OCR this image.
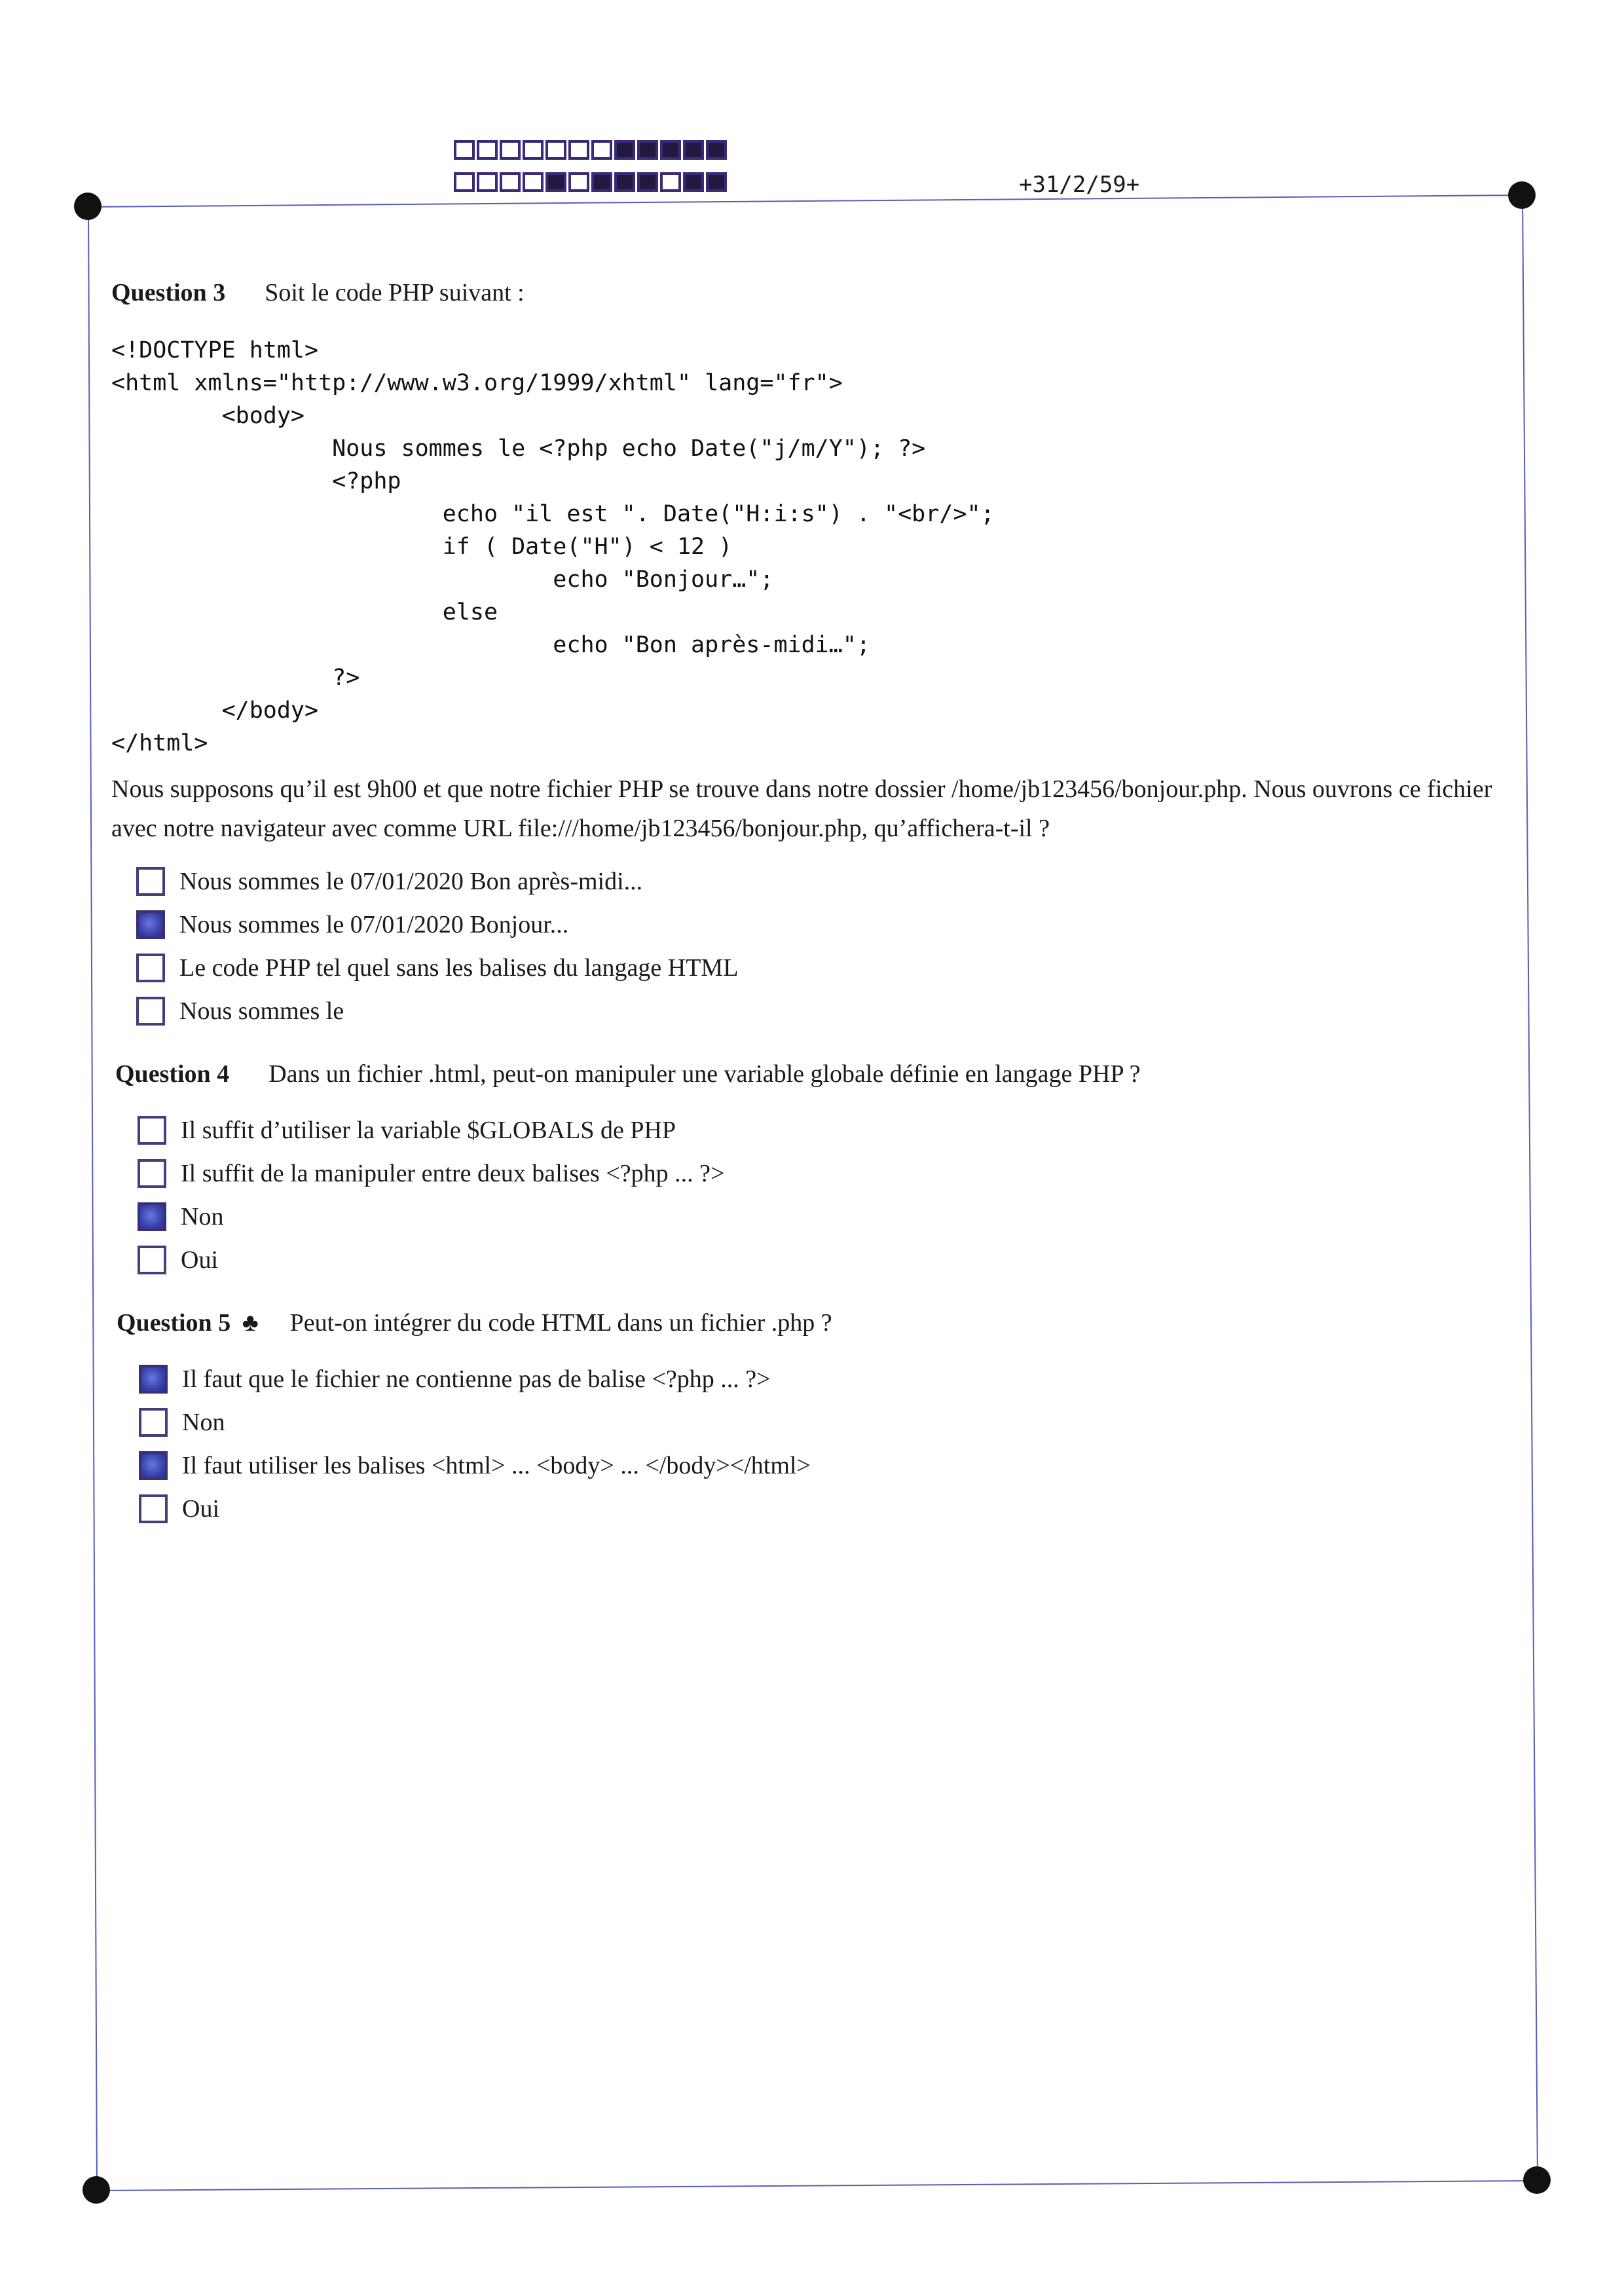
+31/2/59+
Question 3 Soit le code PHP suivant :
<!DOCTYPE html>
<html xmlns="http://www.w3.org/1999/xhtml" lang="fr">
<body>
Nous sommes le <?php echo Date("j/m/Y"); ?>
<?php
echo "il est ". Date("H:i:s") . "<br/>";
if ( Date("H") < 12 )
echo "Bonjour…";
else
echo "Bon après-midi…";
?>
</body>
</html>
Nous supposons qu’il est 9h00 et que notre fichier PHP se trouve dans notre dossier /home/jb123456/bonjour.php. Nous ouvrons ce fichier avec notre navigateur avec comme URL file:///home/jb123456/bonjour.php, qu’affichera-t-il ?
Nous sommes le 07/01/2020 Bon après-midi...
Nous sommes le 07/01/2020 Bonjour...
Le code PHP tel quel sans les balises du langage HTML
Nous sommes le
Question 4 Dans un fichier .html, peut-on manipuler une variable globale définie en langage PHP ?
Il suffit d’utiliser la variable $GLOBALS de PHP
Il suffit de la manipuler entre deux balises <?php ... ?>
Non
Oui
Question 5 ♣ Peut-on intégrer du code HTML dans un fichier .php ?
Il faut que le fichier ne contienne pas de balise <?php ... ?>
Non
Il faut utiliser les balises <html> ... <body> ... </body></html>
Oui
